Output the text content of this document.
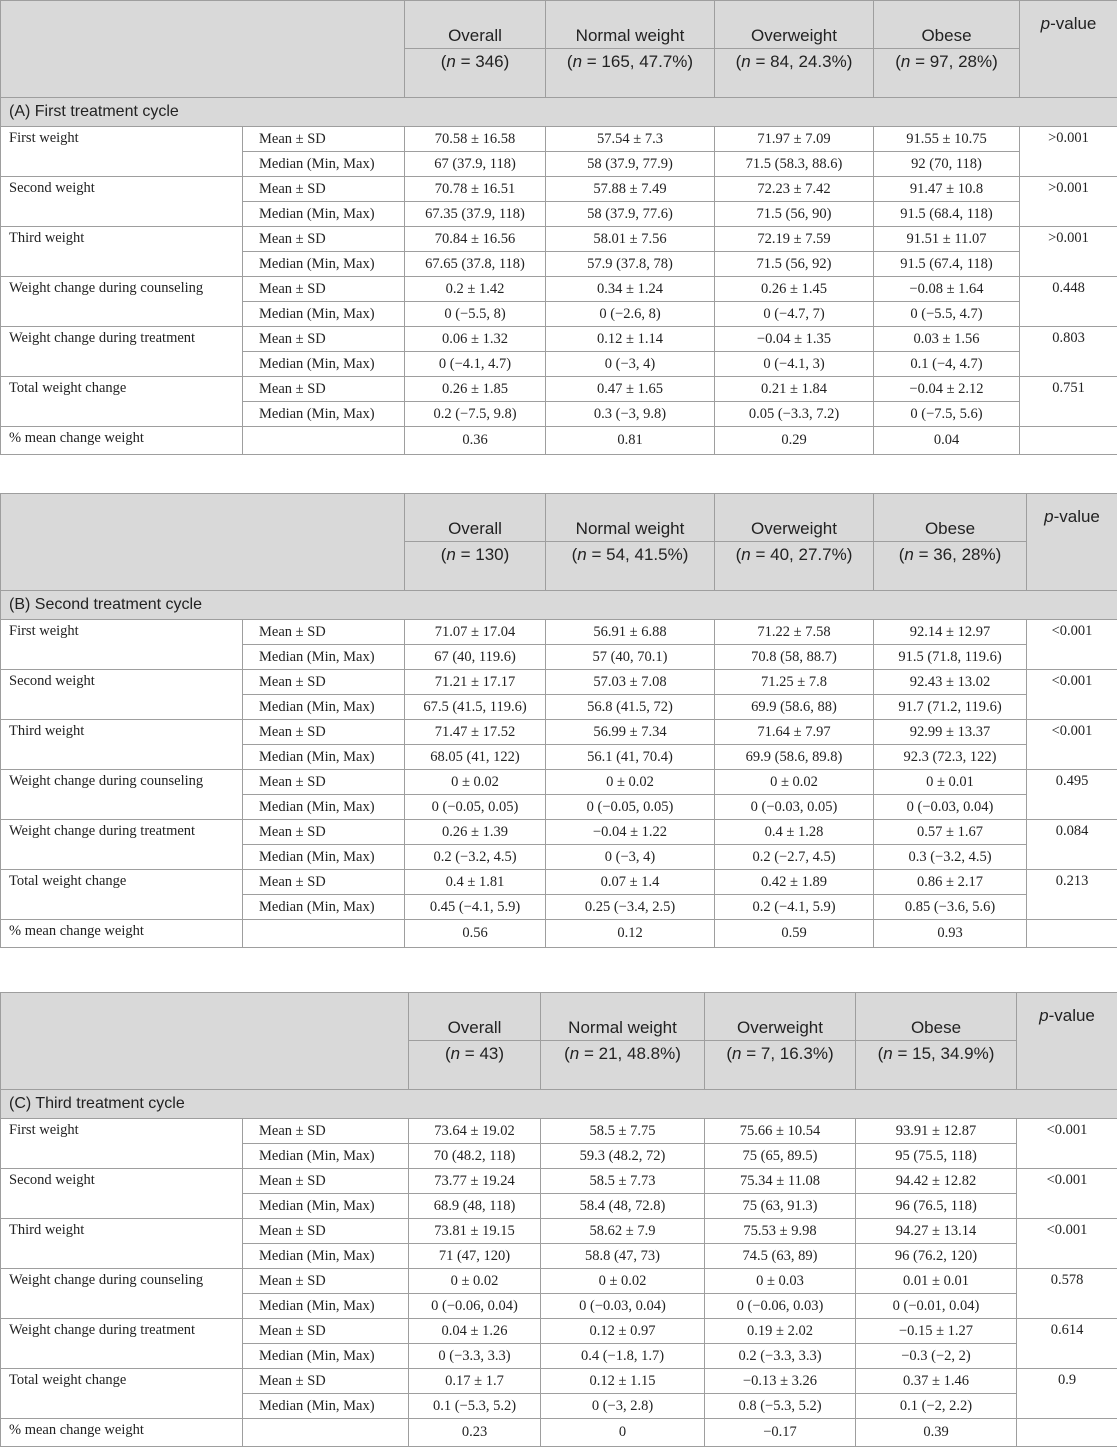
		Overall	Normal weight	Overweight	Obese	p-value
		(n = 346)	(n = 165, 47.7%)	(n = 84, 24.3%)	(n = 97, 28%)	
(A) First treatment cycle						
First weight	Mean ± SD	70.58 ± 16.58	57.54 ± 7.3	71.97 ± 7.09	91.55 ± 10.75	>0.001
	Median (Min, Max)	67 (37.9, 118)	58 (37.9, 77.9)	71.5 (58.3, 88.6)	92 (70, 118)	
Second weight	Mean ± SD	70.78 ± 16.51	57.88 ± 7.49	72.23 ± 7.42	91.47 ± 10.8	>0.001
	Median (Min, Max)	67.35 (37.9, 118)	58 (37.9, 77.6)	71.5 (56, 90)	91.5 (68.4, 118)	
Third weight	Mean ± SD	70.84 ± 16.56	58.01 ± 7.56	72.19 ± 7.59	91.51 ± 11.07	>0.001
	Median (Min, Max)	67.65 (37.8, 118)	57.9 (37.8, 78)	71.5 (56, 92)	91.5 (67.4, 118)	
Weight change during counseling	Mean ± SD	0.2 ± 1.42	0.34 ± 1.24	0.26 ± 1.45	−0.08 ± 1.64	0.448
	Median (Min, Max)	0 (−5.5, 8)	0 (−2.6, 8)	0 (−4.7, 7)	0 (−5.5, 4.7)	
Weight change during treatment	Mean ± SD	0.06 ± 1.32	0.12 ± 1.14	−0.04 ± 1.35	0.03 ± 1.56	0.803
	Median (Min, Max)	0 (−4.1, 4.7)	0 (−3, 4)	0 (−4.1, 3)	0.1 (−4, 4.7)	
Total weight change	Mean ± SD	0.26 ± 1.85	0.47 ± 1.65	0.21 ± 1.84	−0.04 ± 2.12	0.751
	Median (Min, Max)	0.2 (−7.5, 9.8)	0.3 (−3, 9.8)	0.05 (−3.3, 7.2)	0 (−7.5, 5.6)	
% mean change weight		0.36	0.81	0.29	0.04	
		Overall	Normal weight	Overweight	Obese	p-value
		(n = 130)	(n = 54, 41.5%)	(n = 40, 27.7%)	(n = 36, 28%)	
(B) Second treatment cycle						
First weight	Mean ± SD	71.07 ± 17.04	56.91 ± 6.88	71.22 ± 7.58	92.14 ± 12.97	<0.001
	Median (Min, Max)	67 (40, 119.6)	57 (40, 70.1)	70.8 (58, 88.7)	91.5 (71.8, 119.6)	
Second weight	Mean ± SD	71.21 ± 17.17	57.03 ± 7.08	71.25 ± 7.8	92.43 ± 13.02	<0.001
	Median (Min, Max)	67.5 (41.5, 119.6)	56.8 (41.5, 72)	69.9 (58.6, 88)	91.7 (71.2, 119.6)	
Third weight	Mean ± SD	71.47 ± 17.52	56.99 ± 7.34	71.64 ± 7.97	92.99 ± 13.37	<0.001
	Median (Min, Max)	68.05 (41, 122)	56.1 (41, 70.4)	69.9 (58.6, 89.8)	92.3 (72.3, 122)	
Weight change during counseling	Mean ± SD	0 ± 0.02	0 ± 0.02	0 ± 0.02	0 ± 0.01	0.495
	Median (Min, Max)	0 (−0.05, 0.05)	0 (−0.05, 0.05)	0 (−0.03, 0.05)	0 (−0.03, 0.04)	
Weight change during treatment	Mean ± SD	0.26 ± 1.39	−0.04 ± 1.22	0.4 ± 1.28	0.57 ± 1.67	0.084
	Median (Min, Max)	0.2 (−3.2, 4.5)	0 (−3, 4)	0.2 (−2.7, 4.5)	0.3 (−3.2, 4.5)	
Total weight change	Mean ± SD	0.4 ± 1.81	0.07 ± 1.4	0.42 ± 1.89	0.86 ± 2.17	0.213
	Median (Min, Max)	0.45 (−4.1, 5.9)	0.25 (−3.4, 2.5)	0.2 (−4.1, 5.9)	0.85 (−3.6, 5.6)	
% mean change weight		0.56	0.12	0.59	0.93	
		Overall	Normal weight	Overweight	Obese	p-value
		(n = 43)	(n = 21, 48.8%)	(n = 7, 16.3%)	(n = 15, 34.9%)	
(C) Third treatment cycle						
First weight	Mean ± SD	73.64 ± 19.02	58.5 ± 7.75	75.66 ± 10.54	93.91 ± 12.87	<0.001
	Median (Min, Max)	70 (48.2, 118)	59.3 (48.2, 72)	75 (65, 89.5)	95 (75.5, 118)	
Second weight	Mean ± SD	73.77 ± 19.24	58.5 ± 7.73	75.34 ± 11.08	94.42 ± 12.82	<0.001
	Median (Min, Max)	68.9 (48, 118)	58.4 (48, 72.8)	75 (63, 91.3)	96 (76.5, 118)	
Third weight	Mean ± SD	73.81 ± 19.15	58.62 ± 7.9	75.53 ± 9.98	94.27 ± 13.14	<0.001
	Median (Min, Max)	71 (47, 120)	58.8 (47, 73)	74.5 (63, 89)	96 (76.2, 120)	
Weight change during counseling	Mean ± SD	0 ± 0.02	0 ± 0.02	0 ± 0.03	0.01 ± 0.01	0.578
	Median (Min, Max)	0 (−0.06, 0.04)	0 (−0.03, 0.04)	0 (−0.06, 0.03)	0 (−0.01, 0.04)	
Weight change during treatment	Mean ± SD	0.04 ± 1.26	0.12 ± 0.97	0.19 ± 2.02	−0.15 ± 1.27	0.614
	Median (Min, Max)	0 (−3.3, 3.3)	0.4 (−1.8, 1.7)	0.2 (−3.3, 3.3)	−0.3 (−2, 2)	
Total weight change	Mean ± SD	0.17 ± 1.7	0.12 ± 1.15	−0.13 ± 3.26	0.37 ± 1.46	0.9
	Median (Min, Max)	0.1 (−5.3, 5.2)	0 (−3, 2.8)	0.8 (−5.3, 5.2)	0.1 (−2, 2.2)	
% mean change weight		0.23	0	−0.17	0.39	
